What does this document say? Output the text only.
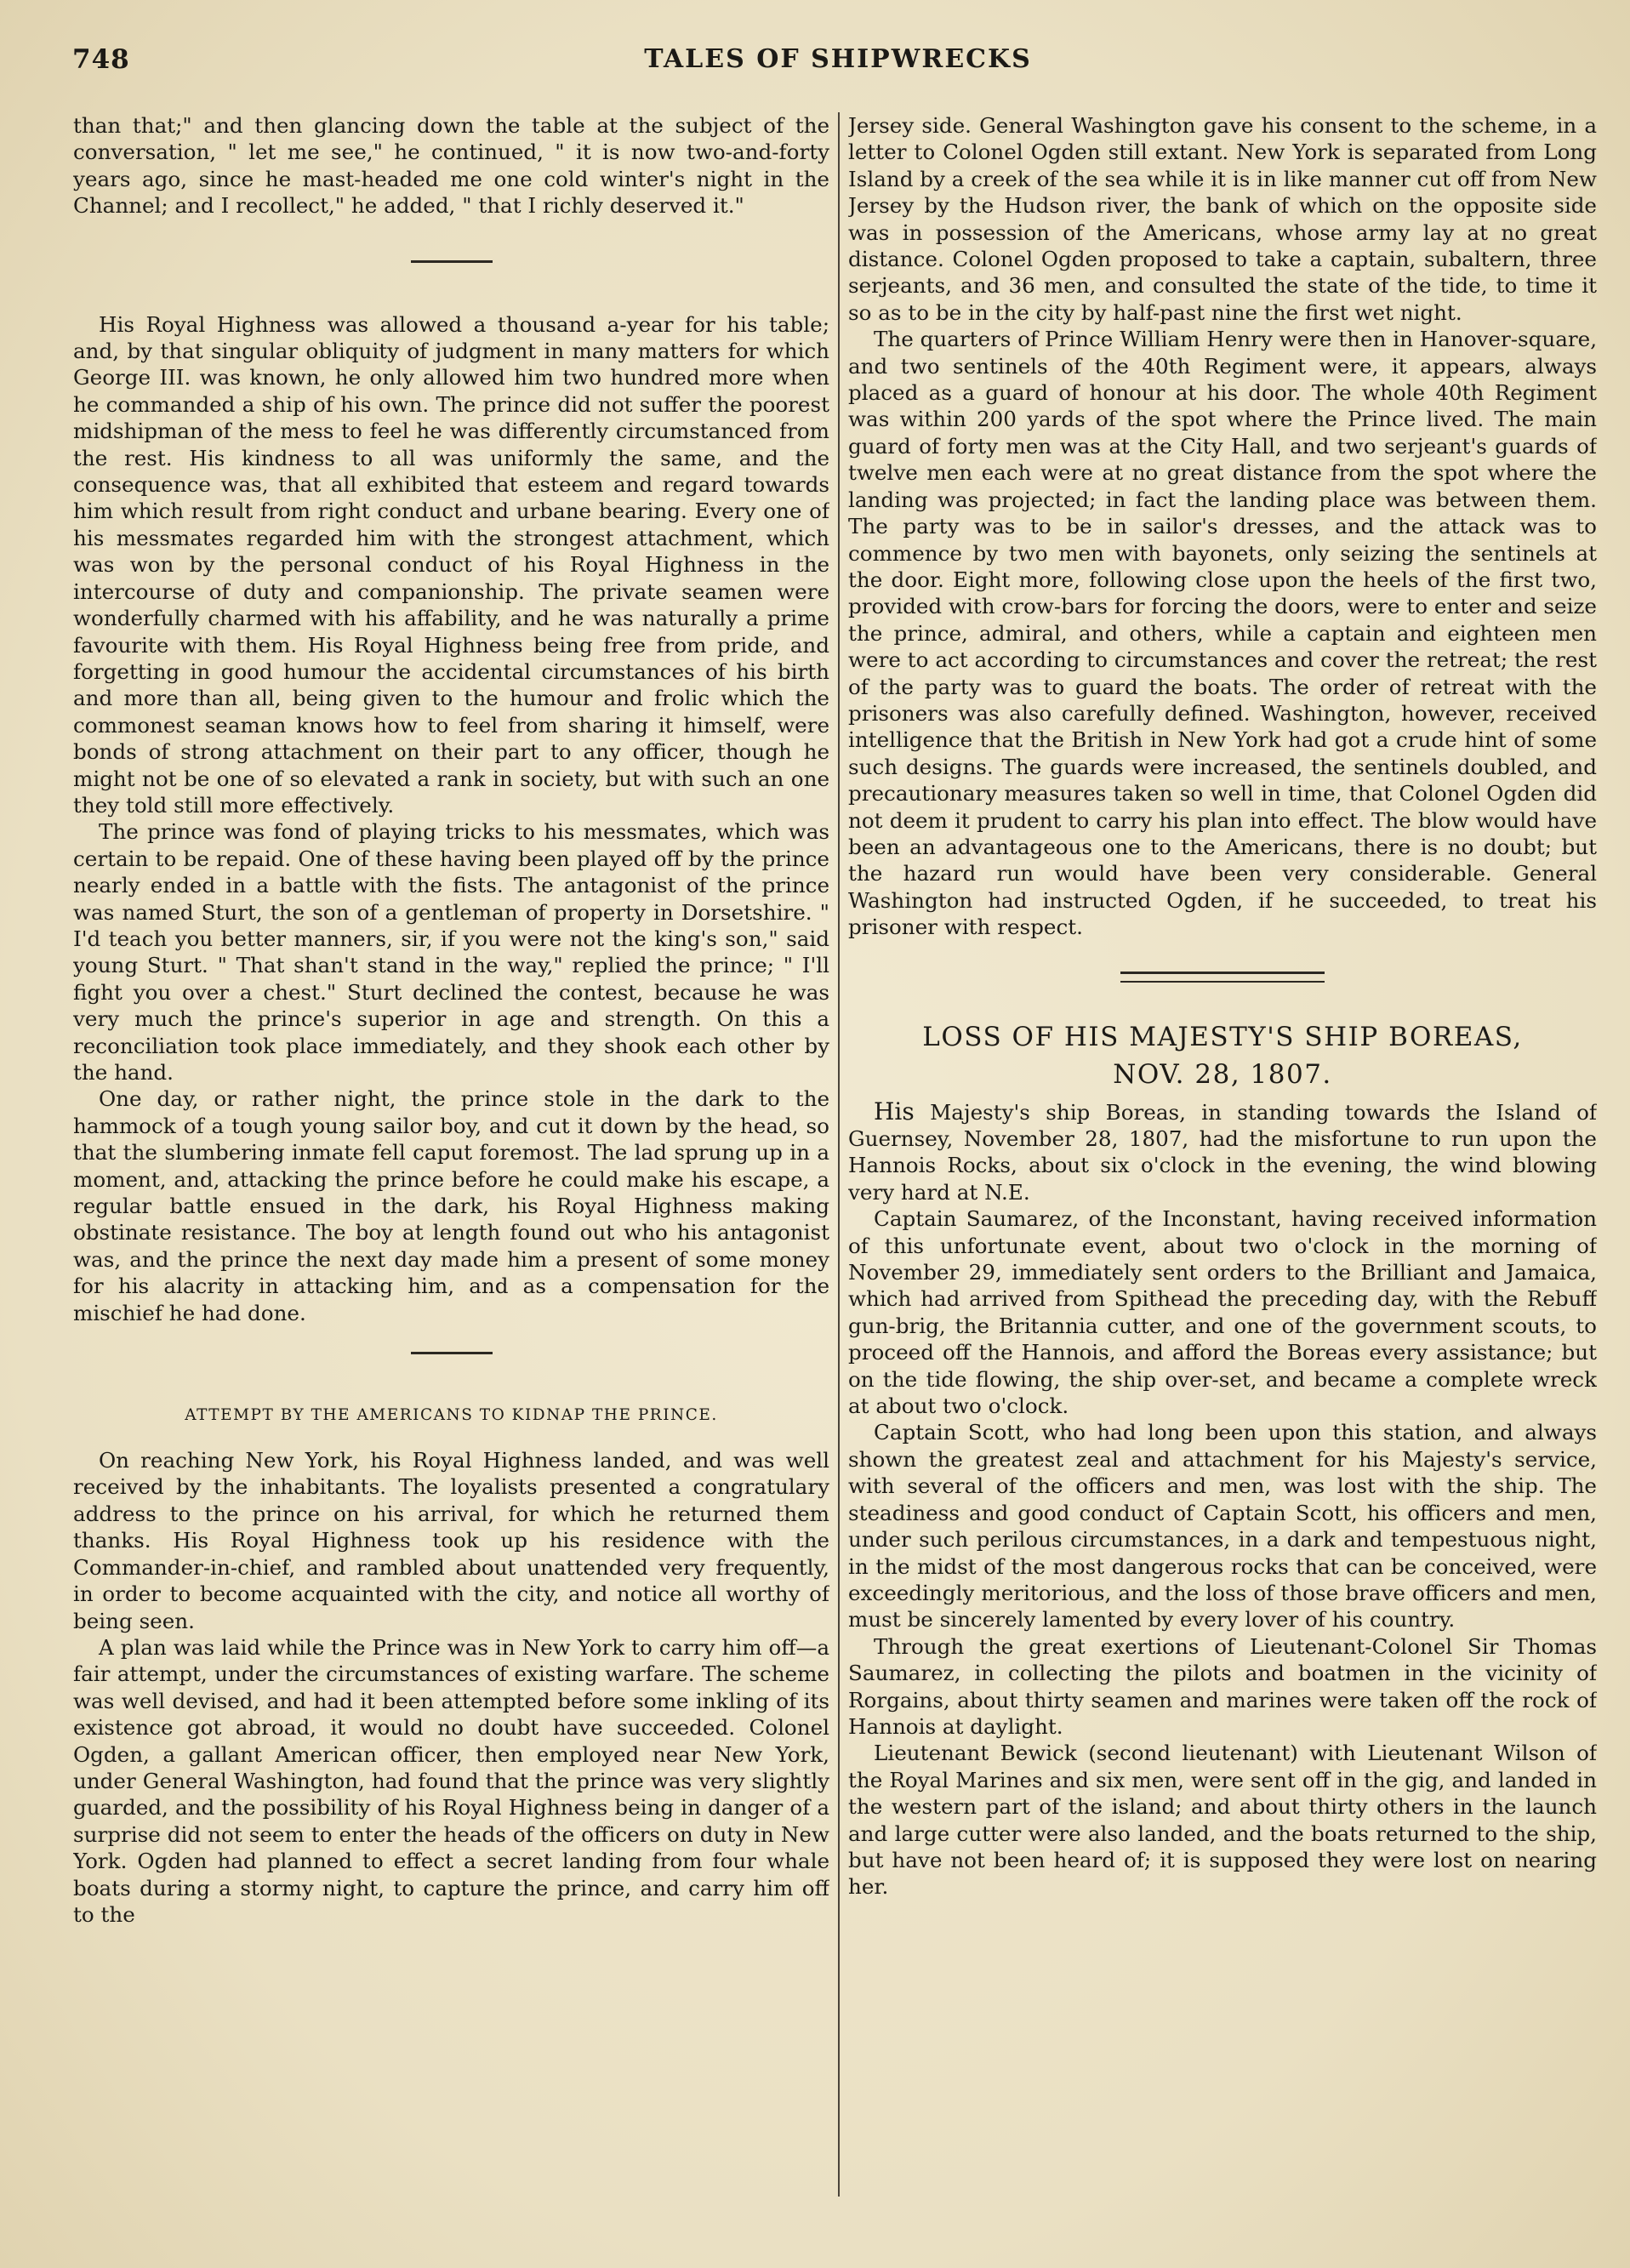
748	TALES OF SHIPWRECKS

than that;" and then glancing down the table at the subject of the conversation, " let me see," he continued, " it is now two-and-forty years ago, since he mast-headed me one cold winter's night in the Channel; and I recollect," he added, " that I richly deserved it."

His Royal Highness was allowed a thousand a-year for his table; and, by that singular obliquity of judgment in many matters for which George III. was known, he only allowed him two hundred more when he commanded a ship of his own. The prince did not suffer the poorest midshipman of the mess to feel he was differently circumstanced from the rest. His kindness to all was uniformly the same, and the consequence was, that all exhibited that esteem and regard towards him which result from right conduct and urbane bearing. Every one of his messmates regarded him with the strongest attachment, which was won by the personal conduct of his Royal Highness in the intercourse of duty and companionship. The private seamen were wonderfully charmed with his affability, and he was naturally a prime favourite with them. His Royal Highness being free from pride, and forgetting in good humour the accidental circumstances of his birth and more than all, being given to the humour and frolic which the commonest seaman knows how to feel from sharing it himself, were bonds of strong attachment on their part to any officer, though he might not be one of so elevated a rank in society, but with such an one they told still more effectively.

The prince was fond of playing tricks to his messmates, which was certain to be repaid. One of these having been played off by the prince nearly ended in a battle with the fists. The antagonist of the prince was named Sturt, the son of a gentleman of property in Dorsetshire. " I'd teach you better manners, sir, if you were not the king's son," said young Sturt. " That shan't stand in the way," replied the prince; " I'll fight you over a chest." Sturt declined the contest, because he was very much the prince's superior in age and strength. On this a reconciliation took place immediately, and they shook each other by the hand.

One day, or rather night, the prince stole in the dark to the hammock of a tough young sailor boy, and cut it down by the head, so that the slumbering inmate fell caput foremost. The lad sprung up in a moment, and, attacking the prince before he could make his escape, a regular battle ensued in the dark, his Royal Highness making obstinate resistance. The boy at length found out who his antagonist was, and the prince the next day made him a present of some money for his alacrity in attacking him, and as a compensation for the mischief he had done.

ATTEMPT BY THE AMERICANS TO KIDNAP THE PRINCE.

On reaching New York, his Royal Highness landed, and was well received by the inhabitants. The loyalists presented a congratulary address to the prince on his arrival, for which he returned them thanks. His Royal Highness took up his residence with the Commander-in-chief, and rambled about unattended very frequently, in order to become acquainted with the city, and notice all worthy of being seen.

A plan was laid while the Prince was in New York to carry him off—a fair attempt, under the circumstances of existing warfare. The scheme was well devised, and had it been attempted before some inkling of its existence got abroad, it would no doubt have succeeded. Colonel Ogden, a gallant American officer, then employed near New York, under General Washington, had found that the prince was very slightly guarded, and the possibility of his Royal Highness being in danger of a surprise did not seem to enter the heads of the officers on duty in New York. Ogden had planned to effect a secret landing from four whale boats during a stormy night, to capture the prince, and carry him off to the

Jersey side. General Washington gave his consent to the scheme, in a letter to Colonel Ogden still extant. New York is separated from Long Island by a creek of the sea while it is in like manner cut off from New Jersey by the Hudson river, the bank of which on the opposite side was in possession of the Americans, whose army lay at no great distance. Colonel Ogden proposed to take a captain, subaltern, three serjeants, and 36 men, and consulted the state of the tide, to time it so as to be in the city by half-past nine the first wet night.

The quarters of Prince William Henry were then in Hanover-square, and two sentinels of the 40th Regiment were, it appears, always placed as a guard of honour at his door. The whole 40th Regiment was within 200 yards of the spot where the Prince lived. The main guard of forty men was at the City Hall, and two serjeant's guards of twelve men each were at no great distance from the spot where the landing was projected; in fact the landing place was between them. The party was to be in sailor's dresses, and the attack was to commence by two men with bayonets, only seizing the sentinels at the door. Eight more, following close upon the heels of the first two, provided with crow-bars for forcing the doors, were to enter and seize the prince, admiral, and others, while a captain and eighteen men were to act according to circumstances and cover the retreat; the rest of the party was to guard the boats. The order of retreat with the prisoners was also carefully defined. Washington, however, received intelligence that the British in New York had got a crude hint of some such designs. The guards were increased, the sentinels doubled, and precautionary measures taken so well in time, that Colonel Ogden did not deem it prudent to carry his plan into effect. The blow would have been an advantageous one to the Americans, there is no doubt; but the hazard run would have been very considerable. General Washington had instructed Ogden, if he succeeded, to treat his prisoner with respect.

LOSS OF HIS MAJESTY'S SHIP BOREAS,
NOV. 28, 1807.

His Majesty's ship Boreas, in standing towards the Island of Guernsey, November 28, 1807, had the misfortune to run upon the Hannois Rocks, about six o'clock in the evening, the wind blowing very hard at N.E.

Captain Saumarez, of the Inconstant, having received information of this unfortunate event, about two o'clock in the morning of November 29, immediately sent orders to the Brilliant and Jamaica, which had arrived from Spithead the preceding day, with the Rebuff gun-brig, the Britannia cutter, and one of the government scouts, to proceed off the Hannois, and afford the Boreas every assistance; but on the tide flowing, the ship over-set, and became a complete wreck at about two o'clock.

Captain Scott, who had long been upon this station, and always shown the greatest zeal and attachment for his Majesty's service, with several of the officers and men, was lost with the ship. The steadiness and good conduct of Captain Scott, his officers and men, under such perilous circumstances, in a dark and tempestuous night, in the midst of the most dangerous rocks that can be conceived, were exceedingly meritorious, and the loss of those brave officers and men, must be sincerely lamented by every lover of his country.

Through the great exertions of Lieutenant-Colonel Sir Thomas Saumarez, in collecting the pilots and boatmen in the vicinity of Rorgains, about thirty seamen and marines were taken off the rock of Hannois at daylight.

Lieutenant Bewick (second lieutenant) with Lieutenant Wilson of the Royal Marines and six men, were sent off in the gig, and landed in the western part of the island; and about thirty others in the launch and large cutter were also landed, and the boats returned to the ship, but have not been heard of; it is supposed they were lost on nearing her.
